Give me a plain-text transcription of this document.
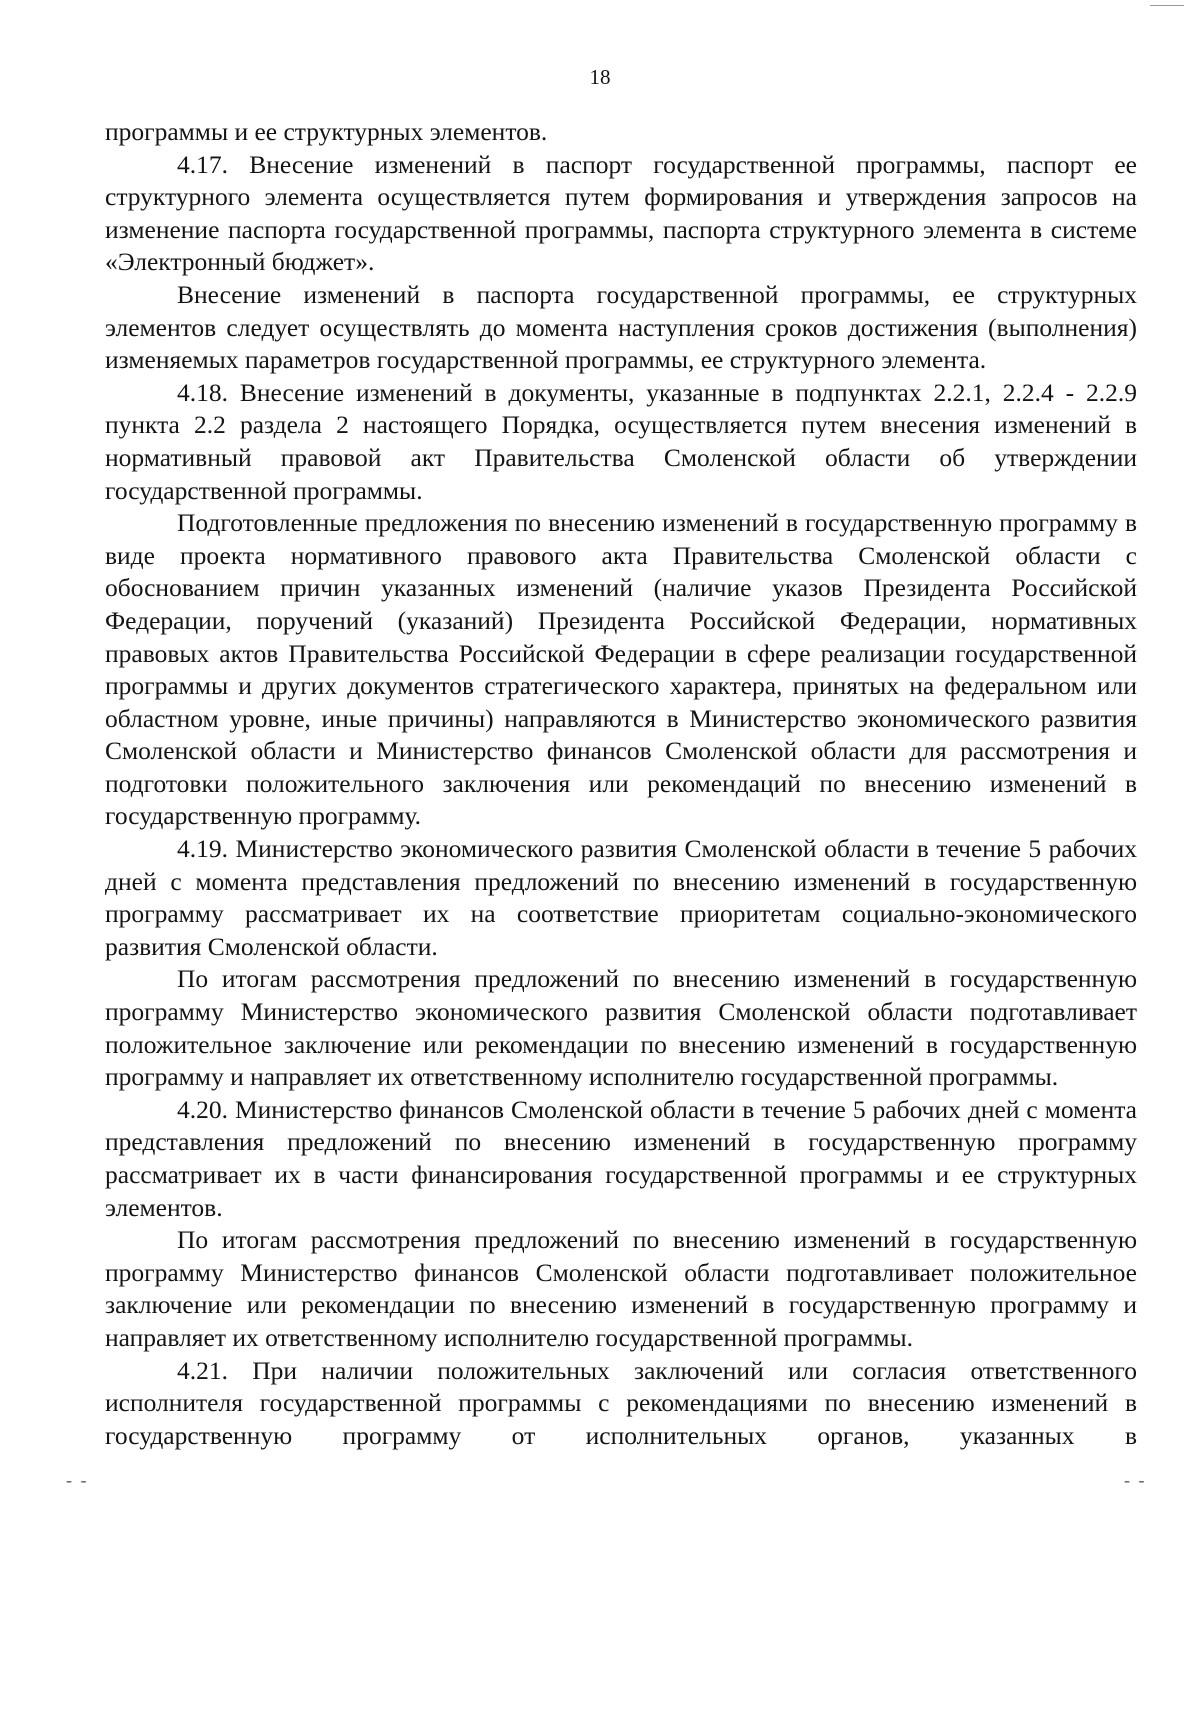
18

программы и ее структурных элементов.

4.17. Внесение изменений в паспорт государственной программы, паспорт ее структурного элемента осуществляется путем формирования и утверждения запросов на изменение паспорта государственной программы, паспорта структурного элемента в системе «Электронный бюджет».

Внесение изменений в паспорта государственной программы, ее структурных элементов следует осуществлять до момента наступления сроков достижения (выполнения) изменяемых параметров государственной программы, ее структурного элемента.

4.18. Внесение изменений в документы, указанные в подпунктах 2.2.1, 2.2.4 - 2.2.9 пункта 2.2 раздела 2 настоящего Порядка, осуществляется путем внесения изменений в нормативный правовой акт Правительства Смоленской области об утверждении государственной программы.

Подготовленные предложения по внесению изменений в государственную программу в виде проекта нормативного правового акта Правительства Смоленской области с обоснованием причин указанных изменений (наличие указов Президента Российской Федерации, поручений (указаний) Президента Российской Федерации, нормативных правовых актов Правительства Российской Федерации в сфере реализации государственной программы и других документов стратегического характера, принятых на федеральном или областном уровне, иные причины) направляются в Министерство экономического развития Смоленской области и Министерство финансов Смоленской области для рассмотрения и подготовки положительного заключения или рекомендаций по внесению изменений в государственную программу.

4.19. Министерство экономического развития Смоленской области в течение 5 рабочих дней с момента представления предложений по внесению изменений в государственную программу рассматривает их на соответствие приоритетам социально-экономического развития Смоленской области.

По итогам рассмотрения предложений по внесению изменений в государственную программу Министерство экономического развития Смоленской области подготавливает положительное заключение или рекомендации по внесению изменений в государственную программу и направляет их ответственному исполнителю государственной программы.

4.20. Министерство финансов Смоленской области в течение 5 рабочих дней с момента представления предложений по внесению изменений в государственную программу рассматривает их в части финансирования государственной программы и ее структурных элементов.

По итогам рассмотрения предложений по внесению изменений в государственную программу Министерство финансов Смоленской области подготавливает положительное заключение или рекомендации по внесению изменений в государственную программу и направляет их ответственному исполнителю государственной программы.

4.21. При наличии положительных заключений или согласия ответственного исполнителя государственной программы с рекомендациями по внесению изменений в государственную программу от исполнительных органов, указанных в

- -	- -
